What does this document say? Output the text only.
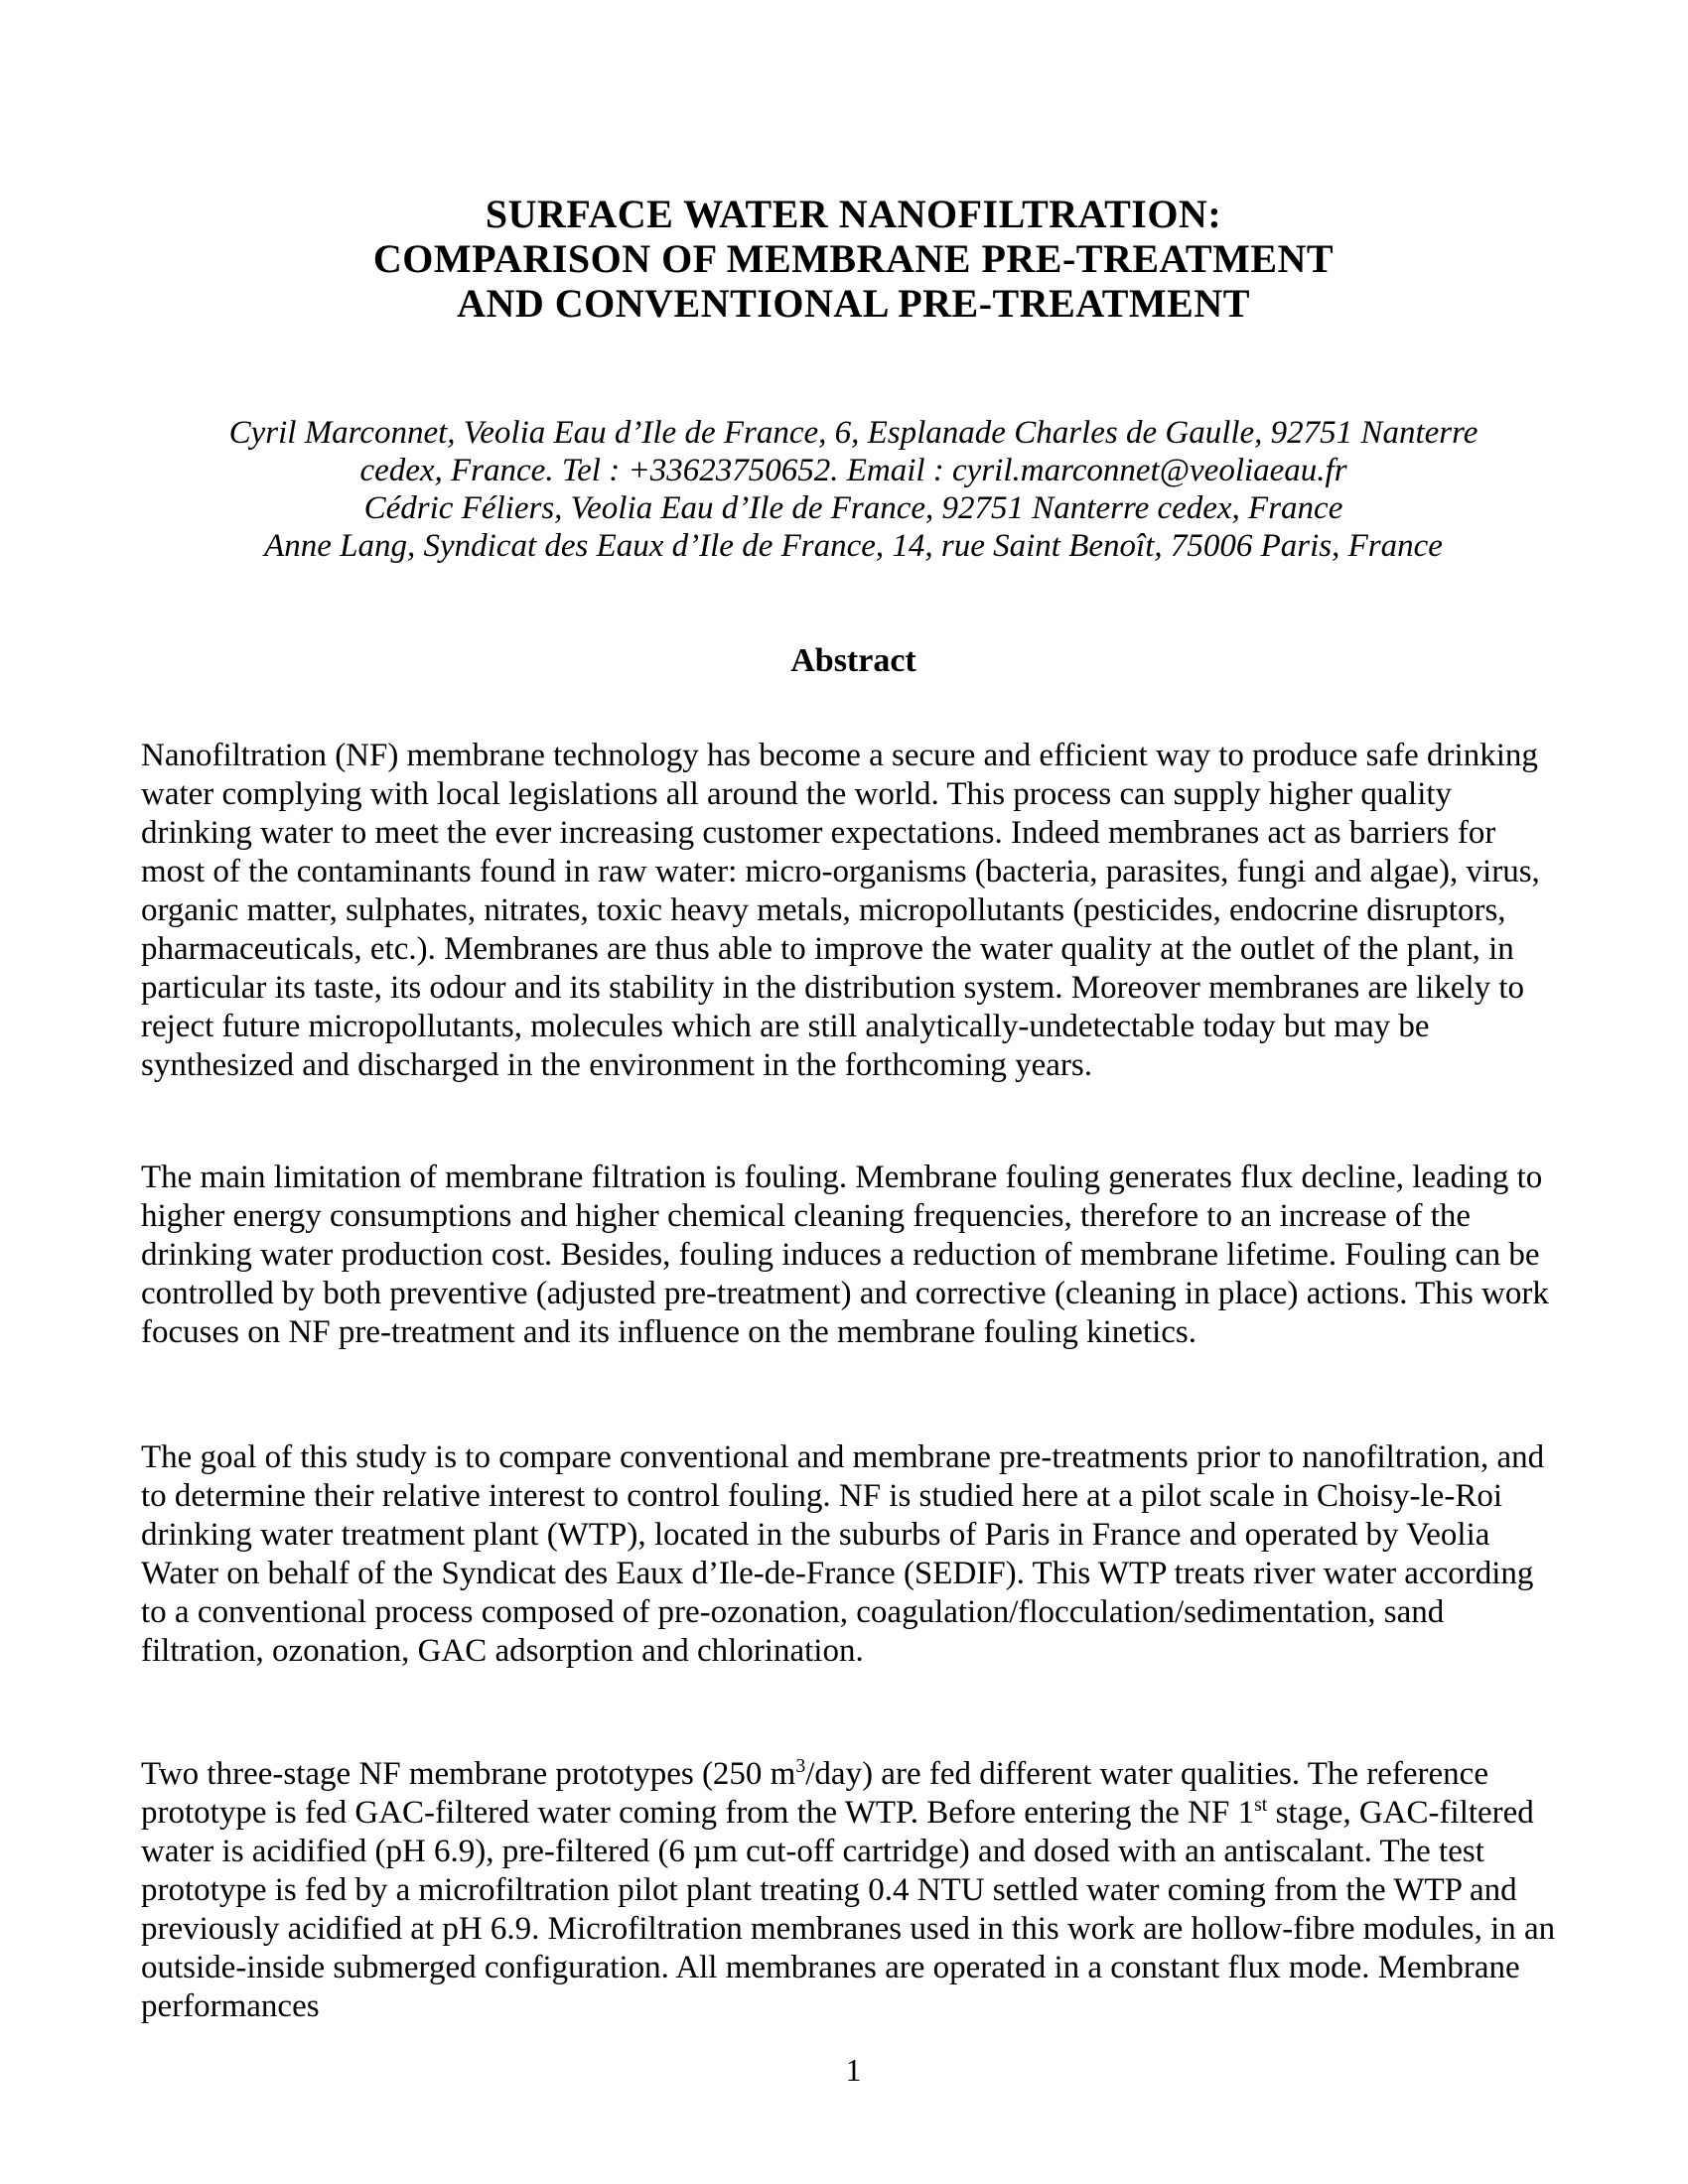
SURFACE WATER NANOFILTRATION:
COMPARISON OF MEMBRANE PRE-TREATMENT
AND CONVENTIONAL PRE-TREATMENT
Cyril Marconnet, Veolia Eau d’Ile de France, 6, Esplanade Charles de Gaulle, 92751 Nanterre
cedex, France. Tel : +33623750652. Email : cyril.marconnet@veoliaeau.fr
Cédric Féliers, Veolia Eau d’Ile de France, 92751 Nanterre cedex, France
Anne Lang, Syndicat des Eaux d’Ile de France, 14, rue Saint Benoît, 75006 Paris, France
Abstract

Nanofiltration (NF) membrane technology has become a secure and efficient way to produce safe drinking water complying with local legislations all around the world. This process can supply higher quality drinking water to meet the ever increasing customer expectations. Indeed membranes act as barriers for most of the contaminants found in raw water: micro-organisms (bacteria, parasites, fungi and algae), virus, organic matter, sulphates, nitrates, toxic heavy metals, micropollutants (pesticides, endocrine disruptors, pharmaceuticals, etc.). Membranes are thus able to improve the water quality at the outlet of the plant, in particular its taste, its odour and its stability in the distribution system. Moreover membranes are likely to reject future micropollutants, molecules which are still analytically-undetectable today but may be synthesized and discharged in the environment in the forthcoming years.

The main limitation of membrane filtration is fouling. Membrane fouling generates flux decline, leading to higher energy consumptions and higher chemical cleaning frequencies, therefore to an increase of the drinking water production cost. Besides, fouling induces a reduction of membrane lifetime. Fouling can be controlled by both preventive (adjusted pre-treatment) and corrective (cleaning in place) actions. This work focuses on NF pre-treatment and its influence on the membrane fouling kinetics.

The goal of this study is to compare conventional and membrane pre-treatments prior to nanofiltration, and to determine their relative interest to control fouling. NF is studied here at a pilot scale in Choisy-le-Roi drinking water treatment plant (WTP), located in the suburbs of Paris in France and operated by Veolia Water on behalf of the Syndicat des Eaux d’Ile-de-France (SEDIF). This WTP treats river water according to a conventional process composed of pre-ozonation, coagulation/flocculation/sedimentation, sand filtration, ozonation, GAC adsorption and chlorination.

Two three-stage NF membrane prototypes (250 $m^3/day$) are fed different water qualities. The reference prototype is fed GAC-filtered water coming from the WTP. Before entering the NF 1st stage, GAC-filtered water is acidified (pH 6.9), pre-filtered (6 µm cut-off cartridge) and dosed with an antiscalant. The test prototype is fed by a microfiltration pilot plant treating 0.4 NTU settled water coming from the WTP and previously acidified at pH 6.9. Microfiltration membranes used in this work are hollow-fibre modules, in an outside-inside submerged configuration. All membranes are operated in a constant flux mode. Membrane performances

1
